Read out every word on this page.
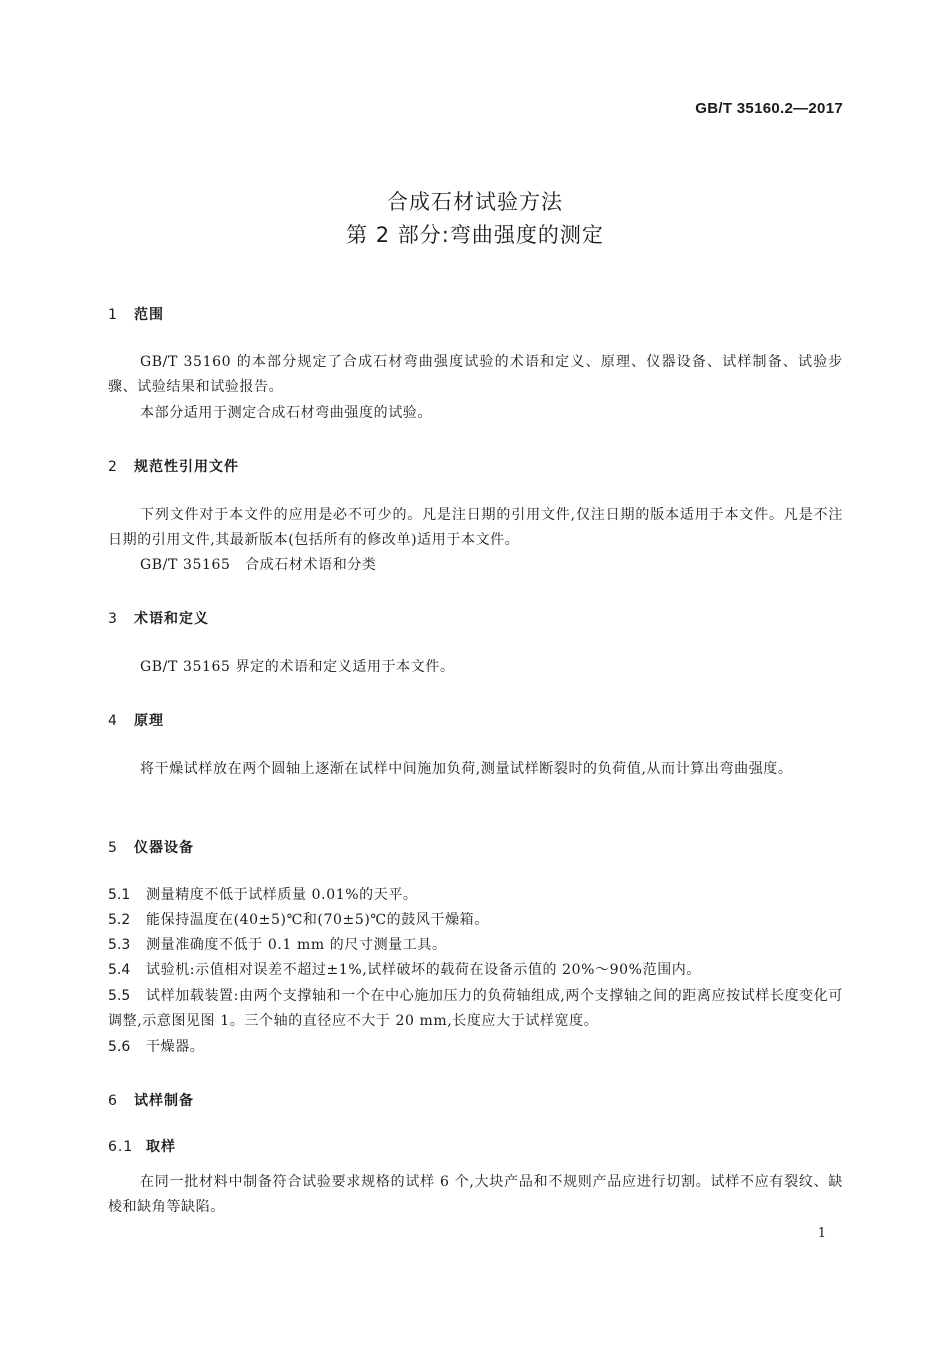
GB/T 35160.2—2017
合成石材试验方法
第 2 部分:弯曲强度的测定
1 范围
GB/T 35160 的本部分规定了合成石材弯曲强度试验的术语和定义、原理、仪器设备、试样制备、试验步骤、试验结果和试验报告。
本部分适用于测定合成石材弯曲强度的试验。
2 规范性引用文件
下列文件对于本文件的应用是必不可少的。凡是注日期的引用文件,仅注日期的版本适用于本文件。凡是不注日期的引用文件,其最新版本(包括所有的修改单)适用于本文件。
GB/T 35165　合成石材术语和分类
3 术语和定义
GB/T 35165 界定的术语和定义适用于本文件。
4 原理
将干燥试样放在两个圆轴上逐渐在试样中间施加负荷,测量试样断裂时的负荷值,从而计算出弯曲强度。
5 仪器设备
5.1 测量精度不低于试样质量 0.01%的天平。
5.2 能保持温度在(40±5)℃和(70±5)℃的鼓风干燥箱。
5.3 测量准确度不低于 0.1 mm 的尺寸测量工具。
5.4 试验机:示值相对误差不超过±1%,试样破坏的载荷在设备示值的 20%～90%范围内。
5.5 试样加载装置:由两个支撑轴和一个在中心施加压力的负荷轴组成,两个支撑轴之间的距离应按试样长度变化可调整,示意图见图 1。三个轴的直径应不大于 20 mm,长度应大于试样宽度。
5.6 干燥器。
6 试样制备
6.1 取样
在同一批材料中制备符合试验要求规格的试样 6 个,大块产品和不规则产品应进行切割。试样不应有裂纹、缺棱和缺角等缺陷。
1
